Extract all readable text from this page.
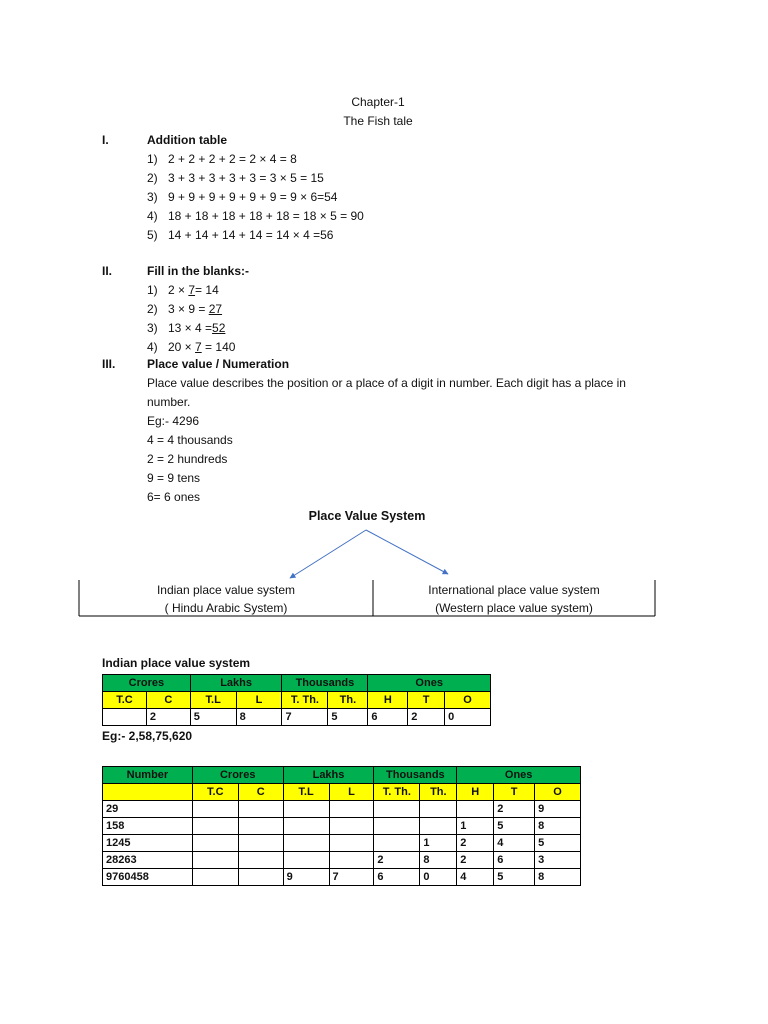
Chapter-1
The Fish tale
I.	Addition table
1) 2 + 2 + 2 + 2 = 2 × 4 = 8
2) 3 + 3 + 3 + 3 + 3 = 3 × 5 = 15
3) 9 + 9 + 9 + 9 + 9 + 9 = 9 × 6=54
4) 18 + 18 + 18 + 18 + 18 = 18 × 5 = 90
5) 14 + 14 + 14 + 14 = 14 × 4 =56
II.	Fill in the blanks:-
1) 2 × 7= 14
2) 3 × 9 = 27
3) 13 × 4 =52
4) 20 × 7 = 140
III.	Place value / Numeration
Place value describes the position or a place of a digit in number. Each digit has a place in
number.
Eg:- 4296
4 = 4 thousands
2 = 2 hundreds
9 = 9 tens
6= 6 ones
Place Value System
Indian place value system
( Hindu Arabic System)
International place value system
(Western place value system)
Indian place value system
Crores		Lakhs		Thousands		Ones		
T.C	C	T.L	L	T. Th.	Th.	H	T	O
	2	5	8	7	5	6	2	0
Eg:- 2,58,75,620
Number	Crores		Lakhs		Thousands		Ones		
	T.C	C	T.L	L	T. Th.	Th.	H	T	O
29								2	9
158							1	5	8
1245						1	2	4	5
28263					2	8	2	6	3
9760458			9	7	6	0	4	5	8
